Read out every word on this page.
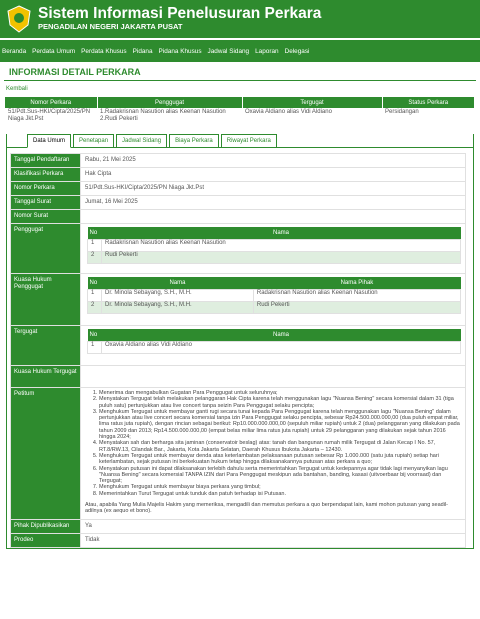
Sistem Informasi Penelusuran Perkara
PENGADILAN NEGERI JAKARTA PUSAT
Beranda Perdata Umum Perdata Khusus Pidana Pidana Khusus Jadwal Sidang Laporan Delegasi
INFORMASI DETAIL PERKARA
Kembali
Nomor Perkara	Penggugat	Tergugat	Status Perkara
51/Pdt.Sus-HKI/Cipta/2025/PN Niaga Jkt.Pst	1.Radakrisnan Nasution alias Keenan Nasution
2.Rudi Pekerti	Oxavia Aldiano alias Vidi Aldiano	Persidangan
Data Umum	Penetapan	Jadwal Sidang	Biaya Perkara	Riwayat Perkara
Tanggal Pendaftaran	Rabu, 21 Mei 2025
Klasifikasi Perkara	Hak Cipta
Nomor Perkara	51/Pdt.Sus-HKI/Cipta/2025/PN Niaga Jkt.Pst
Tanggal Surat	Jumat, 16 Mei 2025
Nomor Surat	
Penggugat		No	Nama
1	Radakrisnan Nasution alias Keenan Nasution
2	Rudi Pekerti

Kuasa Hukum Penggugat	
No	Nama	Nama Pihak
1	Dr. Minola Sebayang, S.H., M.H.	Radakrisnan Nasution alias Keenan Nasution
2	Dr. Minola Sebayang, S.H., M.H.	Rudi Pekerti

Tergugat		No	Nama
1	Oxavia Aldiano alias Vidi Aldiano

Kuasa Hukum Tergugat	
Petitum	
1.Menerima dan mengabulkan Gugatan Para Penggugat untuk seluruhnya;
2. Menyatakan Tergugat telah melakukan pelanggaran Hak Cipta karena telah menggunakan lagu "Nuansa Bening" secara komersial dalam 31 (tiga puluh satu) pertunjukkan atau live concert tanpa seizin Para Penggugat selaku pencipta;
3. Menghukum Tergugat untuk membayar ganti rugi secara tunai kepada Para Penggugat karena telah menggunakan lagu "Nuansa Bening" dalam pertunjukkan atau live concert secara komersial tanpa izin Para Penggugat selaku pencipta, sebesar Rp24.500.000.000,00 (dua puluh empat miliar, lima ratus juta rupiah), dengan rincian sebagai berikut: Rp10.000.000.000,00 (sepuluh miliar rupiah) untuk 2 (dua) pelanggaran yang dilakukan pada tahun 2009 dan 2013; Rp14.500.000.000,00 (empat belas miliar lima ratus juta rupiah) untuk 29 pelanggaran yang dilakukan sejak tahun 2016 hingga 2024;
4. Menyatakan sah dan berharga sita jaminan (conservatoir beslag) atas: tanah dan bangunan rumah milik Tergugat di Jalan Kecap I No. 57, RT.8/RW.13, Cilandak Bar., Jakarta, Kota Jakarta Selatan, Daerah Khusus Ibukota Jakarta – 12430.
5. Menghukum Tergugat untuk membayar denda atas keterlambatan pelaksanaan putusan sebesar Rp 1.000.000 (satu juta rupiah) setiap hari keterlambatan, sejak putusan ini berkekuatan hukum tetap hingga dilaksanakannya putusan atas perkara a quo;
6. Menyatakan putusan ini dapat dilaksanakan terlebih dahulu serta memerintahkan Tergugat untuk kedepannya agar tidak lagi menyanyikan lagu "Nuansa Bening" secara komersial TANPA IZIN dari Para Penggugat meskipun ada bantahan, banding, kasasi (uitvoerbaar bij voorraad) dan Tergugat;
7. Menghukum Tergugat untuk membayar biaya perkara yang timbul;
8. Memerintahkan Turut Tergugat untuk tunduk dan patuh terhadap isi Putusan.

Atau, apabila Yang Mulia Majelis Hakim yang memeriksa, mengadili dan memutus perkara a quo berpendapat lain, kami mohon putusan yang seadil-adilnya (ex aequo et bono).

Pihak Dipublikasikan	Ya
Prodeo	Tidak
